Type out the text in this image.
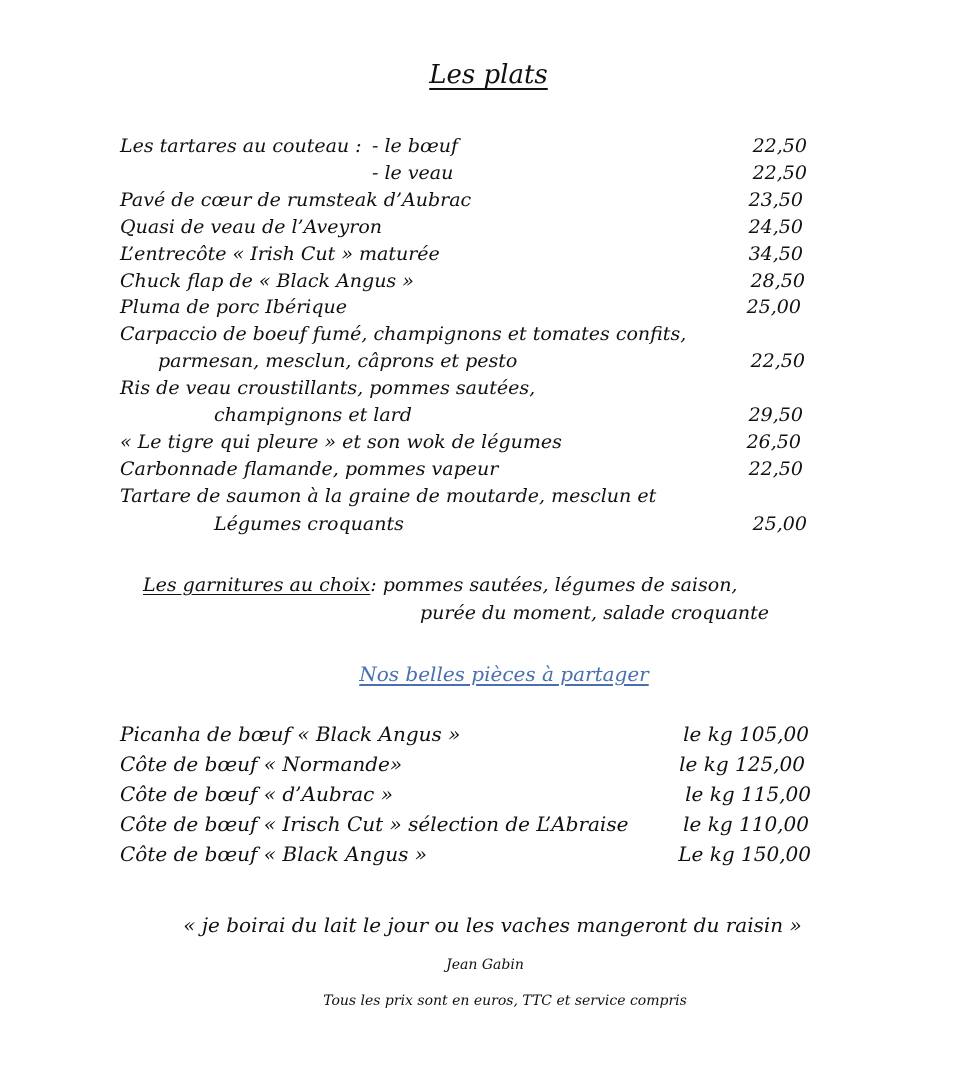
Les plats
Les tartares au couteau : - le bœuf	22,50
- le veau	22,50
Pavé de cœur de rumsteak d’Aubrac	23,50
Quasi de veau de l’Aveyron	24,50
L’entrecôte « Irish Cut » maturée	34,50
Chuck flap de « Black Angus »	28,50
Pluma de porc Ibérique	25,00
Carpaccio de boeuf fumé, champignons et tomates confits,
parmesan, mesclun, câprons et pesto	22,50
Ris de veau croustillants, pommes sautées,
champignons et lard	29,50
« Le tigre qui pleure » et son wok de légumes	26,50
Carbonnade flamande, pommes vapeur	22,50
Tartare de saumon à la graine de moutarde, mesclun et
Légumes croquants	25,00
Les garnitures au choix: pommes sautées, légumes de saison,
purée du moment, salade croquante
Nos belles pièces à partager
Picanha de bœuf « Black Angus »	le kg 105,00
Côte de bœuf « Normande»	le kg 125,00
Côte de bœuf « d’Aubrac »	le kg 115,00
Côte de bœuf « Irisch Cut » sélection de L’Abraise	le kg 110,00
Côte de bœuf « Black Angus »	Le kg 150,00
« je boirai du lait le jour ou les vaches mangeront du raisin »
Jean Gabin
Tous les prix sont en euros, TTC et service compris
